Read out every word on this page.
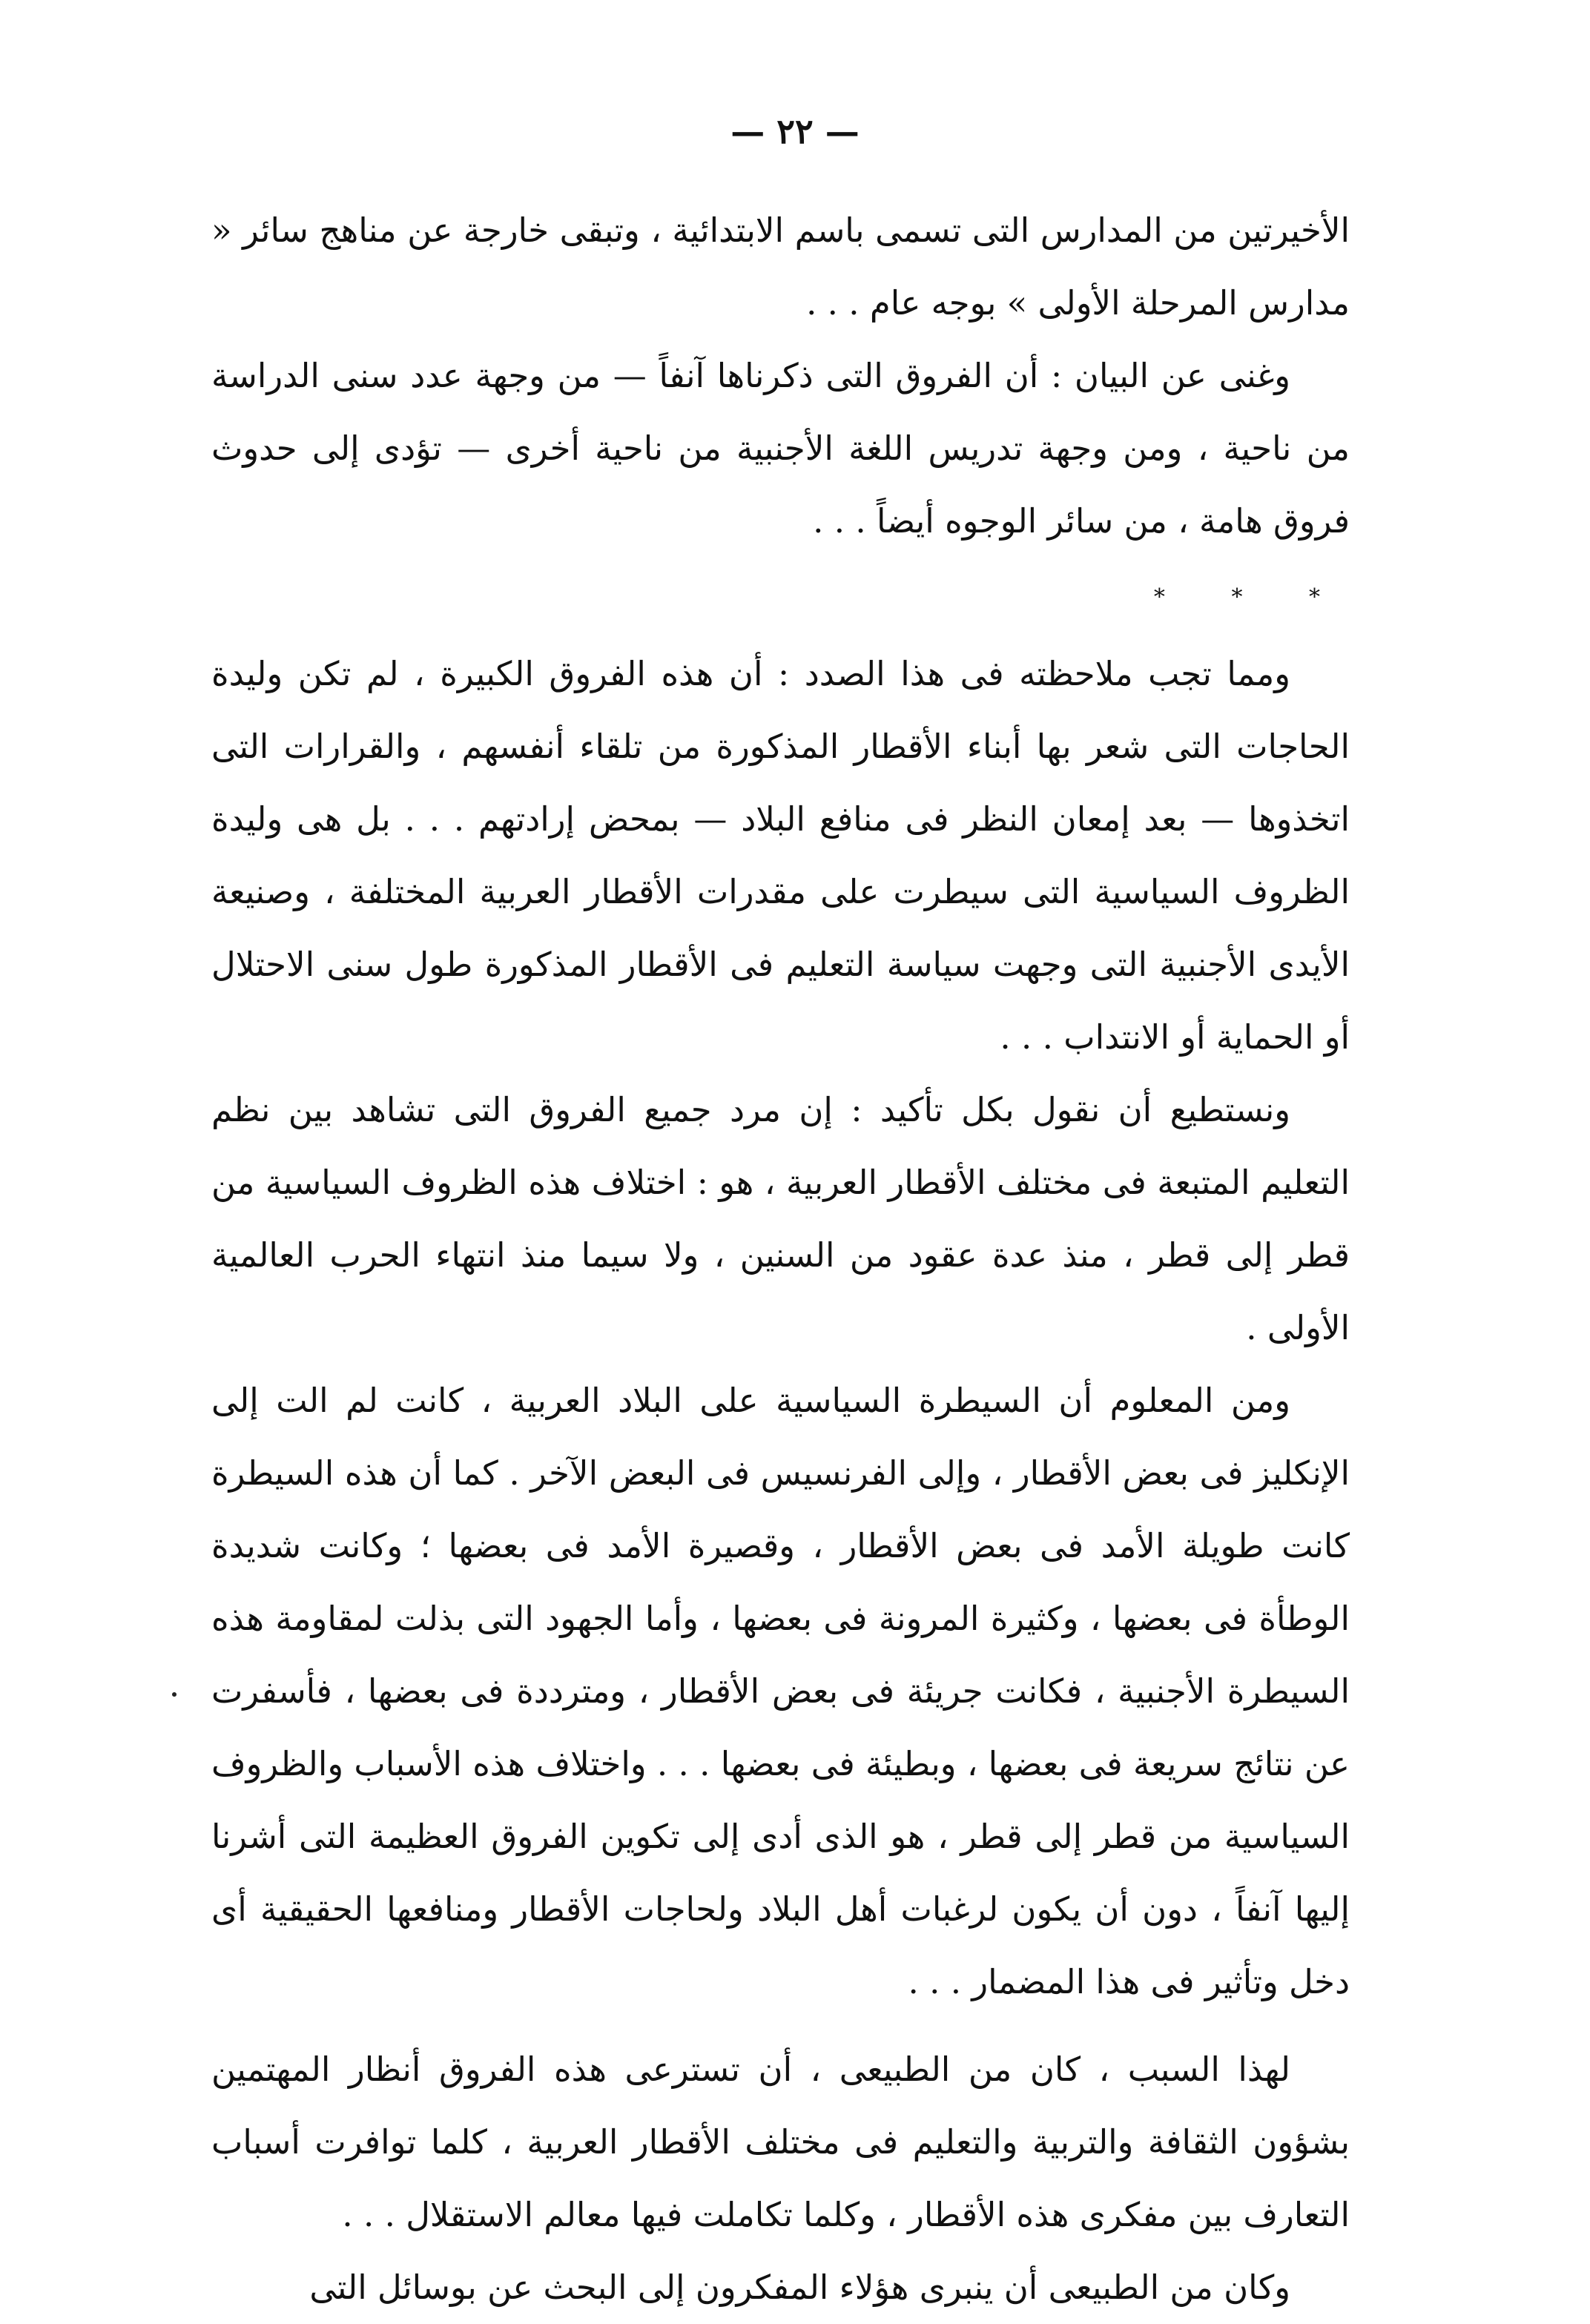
— ٢٢ —

الأخيرتين من المدارس التى تسمى باسم الابتدائية ، وتبقى خارجة عن مناهج سائر « مدارس المرحلة الأولى » بوجه عام . . .

وغنى عن البيان : أن الفروق التى ذكرناها آنفاً — من وجهة عدد سنى الدراسة من ناحية ، ومن وجهة تدريس اللغة الأجنبية من ناحية أخرى — تؤدى إلى حدوث فروق هامة ، من سائر الوجوه أيضاً . . .

* * *

ومما تجب ملاحظته فى هذا الصدد : أن هذه الفروق الكبيرة ، لم تكن وليدة الحاجات التى شعر بها أبناء الأقطار المذكورة من تلقاء أنفسهم ، والقرارات التى اتخذوها — بعد إمعان النظر فى منافع البلاد — بمحض إرادتهم . . . بل هى وليدة الظروف السياسية التى سيطرت على مقدرات الأقطار العربية المختلفة ، وصنيعة الأيدى الأجنبية التى وجهت سياسة التعليم فى الأقطار المذكورة طول سنى الاحتلال أو الحماية أو الانتداب . . .

ونستطيع أن نقول بكل تأكيد : إن مرد جميع الفروق التى تشاهد بين نظم التعليم المتبعة فى مختلف الأقطار العربية ، هو : اختلاف هذه الظروف السياسية من قطر إلى قطر ، منذ عدة عقود من السنين ، ولا سيما منذ انتهاء الحرب العالمية الأولى .

ومن المعلوم أن السيطرة السياسية على البلاد العربية ، كانت لم الت إلى الإنكليز فى بعض الأقطار ، وإلى الفرنسيس فى البعض الآخر . كما أن هذه السيطرة كانت طويلة الأمد فى بعض الأقطار ، وقصيرة الأمد فى بعضها ؛ وكانت شديدة الوطأة فى بعضها ، وكثيرة المرونة فى بعضها ، وأما الجهود التى بذلت لمقاومة هذه السيطرة الأجنبية ، فكانت جريئة فى بعض الأقطار ، ومترددة فى بعضها ، فأسفرت عن نتائج سريعة فى بعضها ، وبطيئة فى بعضها . . . واختلاف هذه الأسباب والظروف السياسية من قطر إلى قطر ، هو الذى أدى إلى تكوين الفروق العظيمة التى أشرنا إليها آنفاً ، دون أن يكون لرغبات أهل البلاد ولحاجات الأقطار ومنافعها الحقيقية أى دخل وتأثير فى هذا المضمار . . .

لهذا السبب ، كان من الطبيعى ، أن تسترعى هذه الفروق أنظار المهتمين بشؤون الثقافة والتربية والتعليم فى مختلف الأقطار العربية ، كلما توافرت أسباب التعارف بين مفكرى هذه الأقطار ، وكلما تكاملت فيها معالم الاستقلال . . .

وكان من الطبيعى أن ينبرى هؤلاء المفكرون إلى البحث عن بوسائل التى
